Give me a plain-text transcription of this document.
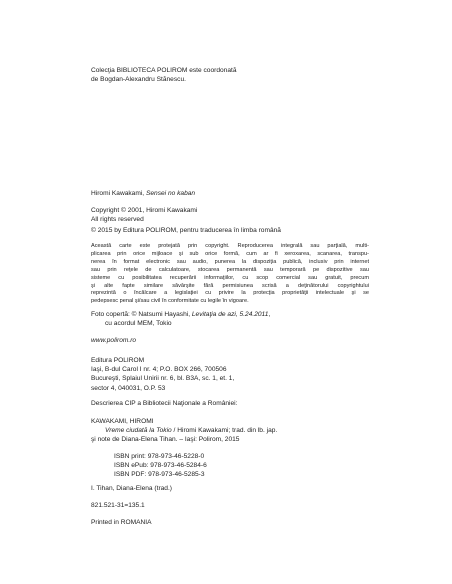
Colecţia BIBLIOTECA POLIROM este coordonată
de Bogdan-Alexandru Stănescu.
Hiromi Kawakami, Sensei no kaban
Copyright © 2001, Hiromi Kawakami
All rights reserved
© 2015 by Editura POLIROM, pentru traducerea în limba română
Această carte este protejată prin copyright. Reproducerea integrală sau parţială, multi-
plicarea prin orice mijloace şi sub orice formă, cum ar fi xeroxarea, scanarea, transpu-
nerea în format electronic sau audio, punerea la dispoziţia publică, inclusiv prin internet
sau prin reţele de calculatoare, stocarea permanentă sau temporară pe dispozitive sau
sisteme cu posibilitatea recuperării informaţiilor, cu scop comercial sau gratuit, precum
şi alte fapte similare săvârşite fără permisiunea scrisă a deţinătorului copyrightului
reprezintă o încălcare a legislaţiei cu privire la protecţia proprietăţii intelectuale şi se
pedepsesc penal şi/sau civil în conformitate cu legile în vigoare.
Foto copertă: © Natsumi Hayashi, Levitaţia de azi, 5.24.2011,
cu acordul MEM, Tokio
www.polirom.ro
Editura POLIROM
Iaşi, B-dul Carol I nr. 4; P.O. BOX 266, 700506
Bucureşti, Splaiul Unirii nr. 6, bl. B3A, sc. 1, et. 1,
sector 4, 040031, O.P. 53
Descrierea CIP a Bibliotecii Naţionale a României:
KAWAKAMI, HIROMI
Vreme ciudată la Tokio / Hiromi Kawakami; trad. din lb. jap.
şi note de Diana-Elena Tihan. – Iaşi: Polirom, 2015
ISBN print: 978-973-46-5228-0
ISBN ePub: 978-973-46-5284-6
ISBN PDF: 978-973-46-5285-3
I. Tihan, Diana-Elena (trad.)
821.521-31=135.1
Printed in ROMANIA
